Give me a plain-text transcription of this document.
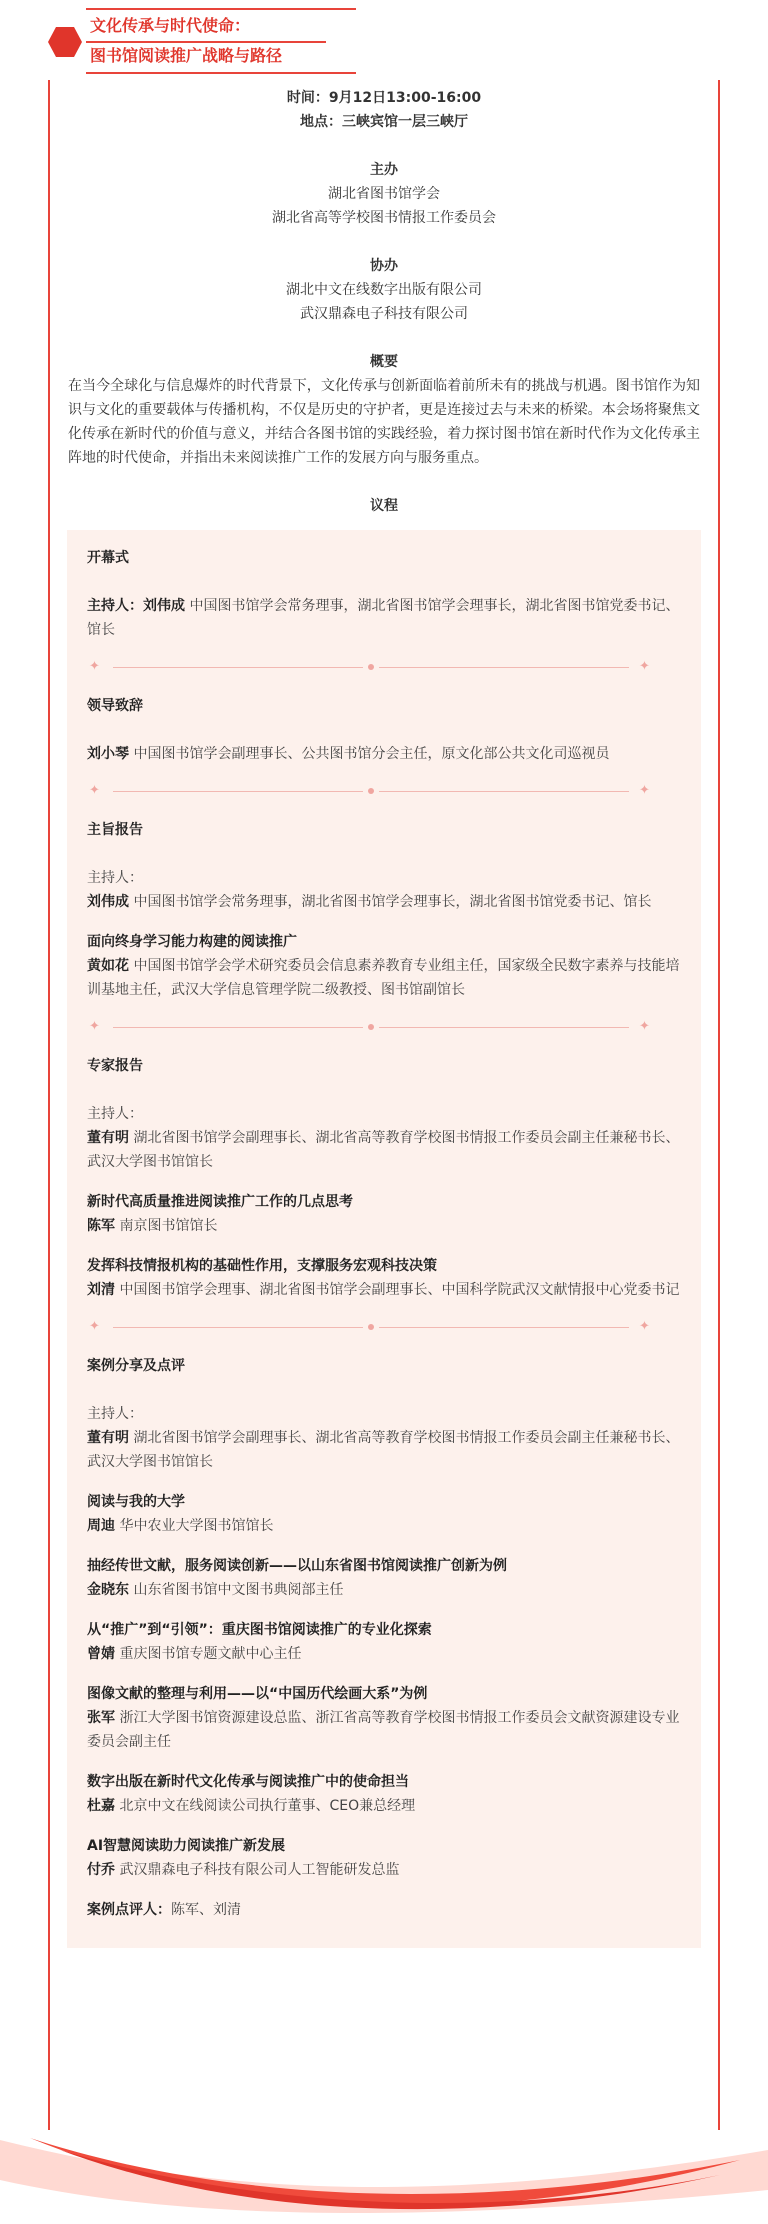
文化传承与时代使命：
图书馆阅读推广战略与路径
时间：9月12日13:00-16:00
地点：三峡宾馆一层三峡厅
主办
湖北省图书馆学会
湖北省高等学校图书情报工作委员会
协办
湖北中文在线数字出版有限公司
武汉鼎森电子科技有限公司
概要
在当今全球化与信息爆炸的时代背景下，文化传承与创新面临着前所未有的挑战与机遇。图书馆作为知识与文化的重要载体与传播机构，不仅是历史的守护者，更是连接过去与未来的桥梁。本会场将聚焦文化传承在新时代的价值与意义，并结合各图书馆的实践经验，着力探讨图书馆在新时代作为文化传承主阵地的时代使命，并指出未来阅读推广工作的发展方向与服务重点。
议程
开幕式
主持人：刘伟成 中国图书馆学会常务理事，湖北省图书馆学会理事长，湖北省图书馆党委书记、馆长
✦	✦
领导致辞
刘小琴 中国图书馆学会副理事长、公共图书馆分会主任，原文化部公共文化司巡视员
✦	✦
主旨报告
主持人：
刘伟成 中国图书馆学会常务理事，湖北省图书馆学会理事长，湖北省图书馆党委书记、馆长
面向终身学习能力构建的阅读推广
黄如花 中国图书馆学会学术研究委员会信息素养教育专业组主任，国家级全民数字素养与技能培训基地主任，武汉大学信息管理学院二级教授、图书馆副馆长
✦	✦
专家报告
主持人：
董有明 湖北省图书馆学会副理事长、湖北省高等教育学校图书情报工作委员会副主任兼秘书长、武汉大学图书馆馆长
新时代高质量推进阅读推广工作的几点思考
陈军 南京图书馆馆长
发挥科技情报机构的基础性作用，支撑服务宏观科技决策
刘清 中国图书馆学会理事、湖北省图书馆学会副理事长、中国科学院武汉文献情报中心党委书记
✦	✦
案例分享及点评
主持人：
董有明 湖北省图书馆学会副理事长、湖北省高等教育学校图书情报工作委员会副主任兼秘书长、武汉大学图书馆馆长
阅读与我的大学
周迪 华中农业大学图书馆馆长
抽经传世文献，服务阅读创新——以山东省图书馆阅读推广创新为例
金晓东 山东省图书馆中文图书典阅部主任
从“推广”到“引领”：重庆图书馆阅读推广的专业化探索
曾婧 重庆图书馆专题文献中心主任
图像文献的整理与利用——以“中国历代绘画大系”为例
张军 浙江大学图书馆资源建设总监、浙江省高等教育学校图书情报工作委员会文献资源建设专业委员会副主任
数字出版在新时代文化传承与阅读推广中的使命担当
杜嘉 北京中文在线阅读公司执行董事、CEO兼总经理
AI智慧阅读助力阅读推广新发展
付乔 武汉鼎森电子科技有限公司人工智能研发总监
案例点评人：陈军、刘清
